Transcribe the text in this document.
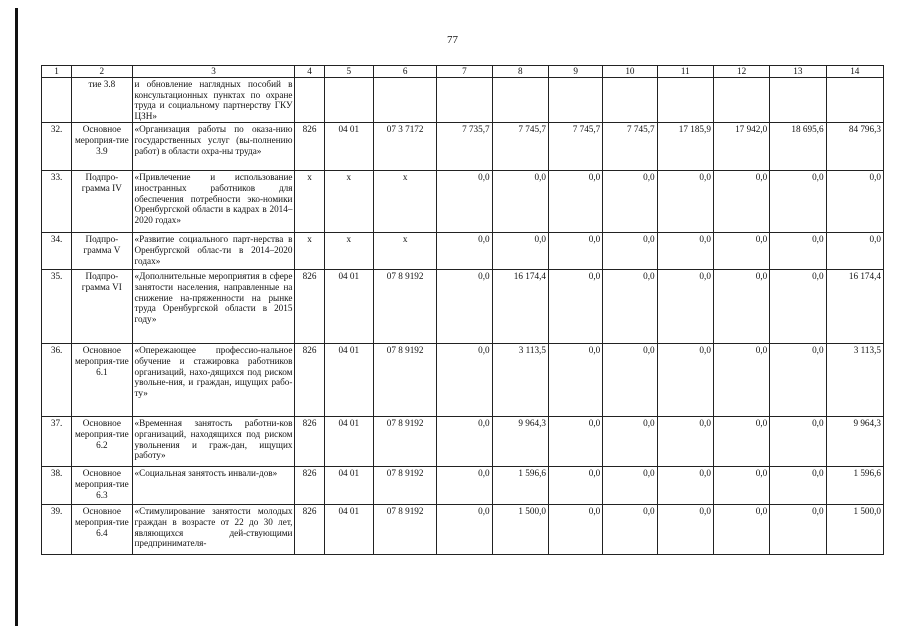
77
1	2	3	4	5	6	7	8	9	10	11	12	13	14
	тие 3.8	и обновление наглядных пособий в консультационных пунктах по охране труда и социальному партнерству ГКУ ЦЗН»											
32.	Основное мероприя-тие 3.9	«Организация работы по оказа-нию государственных услуг (вы-полнению работ) в области охра-ны труда»	826	04 01	07 3 7172	7 735,7	7 745,7	7 745,7	7 745,7	17 185,9	17 942,0	18 695,6	84 796,3
33.	Подпро-грамма IV	«Привлечение и использование иностранных работников для обеспечения потребности эко-номики Оренбургской области в кадрах в 2014–2020 годах»	х	х	х	0,0	0,0	0,0	0,0	0,0	0,0	0,0	0,0
34.	Подпро-грамма V	«Развитие социального парт-нерства в Оренбургской облас-ти в 2014–2020 годах»	х	х	х	0,0	0,0	0,0	0,0	0,0	0,0	0,0	0,0
35.	Подпро-грамма VI	«Дополнительные мероприятия в сфере занятости населения, направленные на снижение на-пряженности на рынке труда Оренбургской области в 2015 году»	826	04 01	07 8 9192	0,0	16 174,4	0,0	0,0	0,0	0,0	0,0	16 174,4
36.	Основное мероприя-тие 6.1	«Опережающее профессио-нальное обучение и стажировка работников организаций, нахо-дящихся под риском увольне-ния, и граждан, ищущих рабо-ту»	826	04 01	07 8 9192	0,0	3 113,5	0,0	0,0	0,0	0,0	0,0	3 113,5
37.	Основное мероприя-тие 6.2	«Временная занятость работни-ков организаций, находящихся под риском увольнения и граж-дан, ищущих работу»	826	04 01	07 8 9192	0,0	9 964,3	0,0	0,0	0,0	0,0	0,0	9 964,3
38.	Основное мероприя-тие 6.3	«Социальная занятость инвали-дов»	826	04 01	07 8 9192	0,0	1 596,6	0,0	0,0	0,0	0,0	0,0	1 596,6
39.	Основное мероприя-тие 6.4	«Стимулирование занятости молодых граждан в возрасте от 22 до 30 лет, являющихся дей-ствующими предпринимателя-	826	04 01	07 8 9192	0,0	1 500,0	0,0	0,0	0,0	0,0	0,0	1 500,0
